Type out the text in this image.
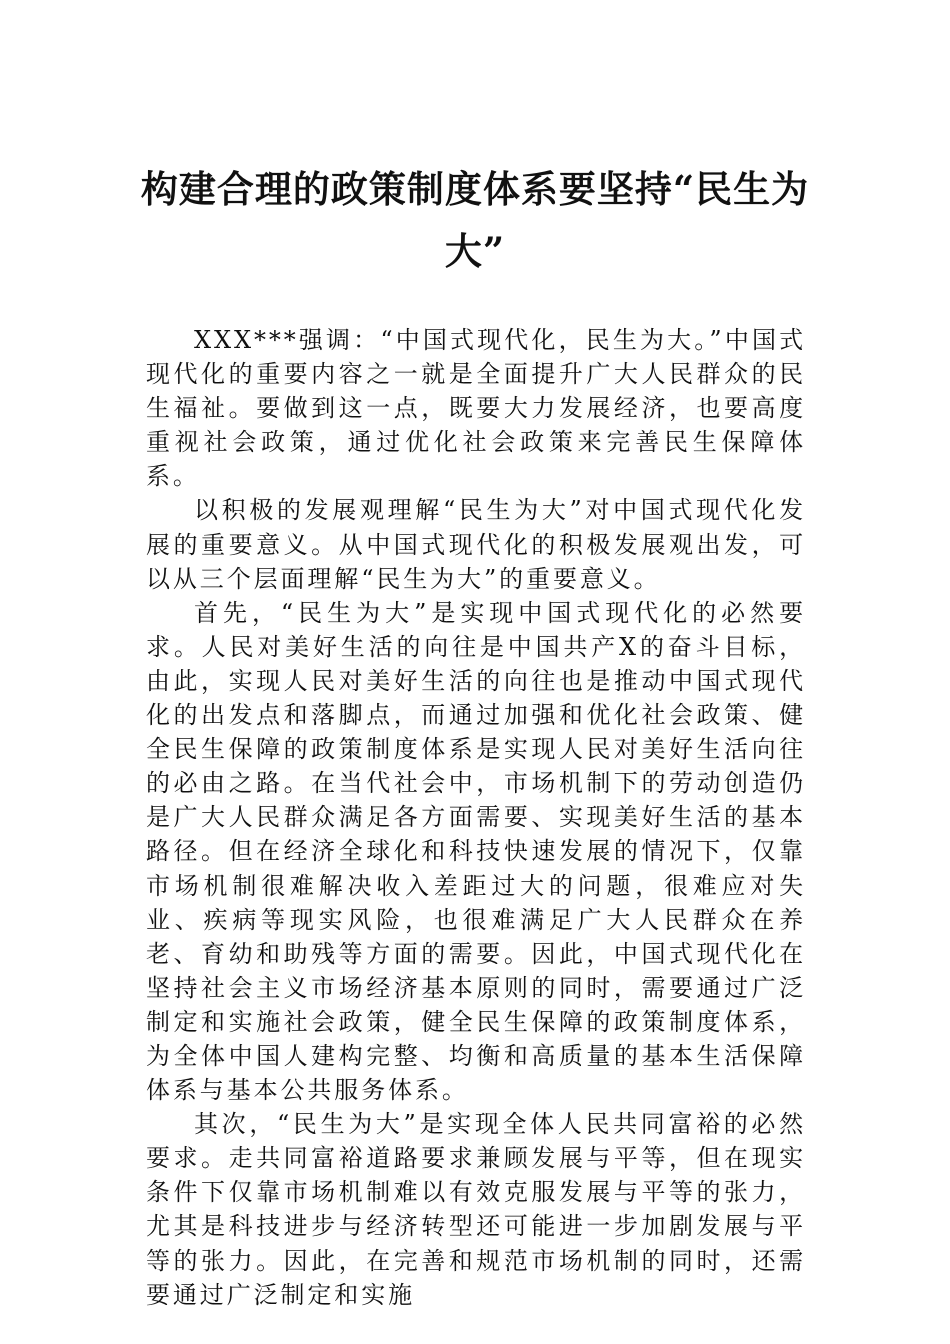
构建合理的政策制度体系要坚持“民生为大”

XXX***强调：“中国式现代化，民生为大。”中国式现代化的重要内容之一就是全面提升广大人民群众的民生福祉。要做到这一点，既要大力发展经济，也要高度重视社会政策，通过优化社会政策来完善民生保障体系。

以积极的发展观理解“民生为大”对中国式现代化发展的重要意义。从中国式现代化的积极发展观出发，可以从三个层面理解“民生为大”的重要意义。

首先，“民生为大”是实现中国式现代化的必然要求。人民对美好生活的向往是中国共产X的奋斗目标，由此，实现人民对美好生活的向往也是推动中国式现代化的出发点和落脚点，而通过加强和优化社会政策、健全民生保障的政策制度体系是实现人民对美好生活向往的必由之路。在当代社会中，市场机制下的劳动创造仍是广大人民群众满足各方面需要、实现美好生活的基本路径。但在经济全球化和科技快速发展的情况下，仅靠市场机制很难解决收入差距过大的问题，很难应对失业、疾病等现实风险，也很难满足广大人民群众在养老、育幼和助残等方面的需要。因此，中国式现代化在坚持社会主义市场经济基本原则的同时，需要通过广泛制定和实施社会政策，健全民生保障的政策制度体系，为全体中国人建构完整、均衡和高质量的基本生活保障体系与基本公共服务体系。

其次，“民生为大”是实现全体人民共同富裕的必然要求。走共同富裕道路要求兼顾发展与平等，但在现实条件下仅靠市场机制难以有效克服发展与平等的张力，尤其是科技进步与经济转型还可能进一步加剧发展与平等的张力。因此，在完善和规范市场机制的同时，还需要通过广泛制定和实施
